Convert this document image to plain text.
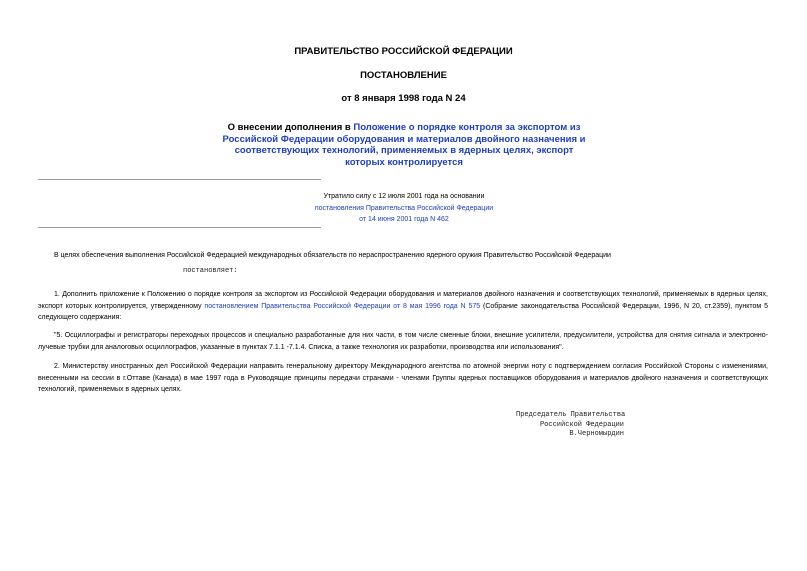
ПРАВИТЕЛЬСТВО РОССИЙСКОЙ ФЕДЕРАЦИИ
ПОСТАНОВЛЕНИЕ
от 8 января 1998 года N 24
О внесении дополнения в Положение о порядке контроля за экспортом из Российской Федерации оборудования и материалов двойного назначения и соответствующих технологий, применяемых в ядерных целях, экспорт которых контролируется
Утратило силу с 12 июля 2001 года на основании
постановления Правительства Российской Федерации
от 14 июня 2001 года N 462
В целях обеспечения выполнения Российской Федерацией международных обязательств по нераспространению ядерного оружия Правительство Российской Федерации
постановляет:
1. Дополнить приложение к Положению о порядке контроля за экспортом из Российской Федерации оборудования и материалов двойного назначения и соответствующих технологий, применяемых в ядерных целях, экспорт которых контролируется, утвержденному постановлением Правительства Российской Федерации от 8 мая 1996 года N 575 (Собрание законодательства Российской Федерации, 1996, N 20, ст.2359), пунктом 5 следующего содержания:
"5. Осциллографы и регистраторы переходных процессов и специально разработанные для них части, в том числе сменные блоки, внешние усилители, предусилители, устройства для снятия сигнала и электронно-лучевые трубки для аналоговых осциллографов, указанные в пунктах 7.1.1 -7.1.4. Списка, а также технология их разработки, производства или использования".
2. Министерству иностранных дел Российской Федерации направить генеральному директору Международного агентства по атомной энергии ноту с подтверждением согласия Российской Стороны с изменениями, внесенными на сессии в г.Оттаве (Канада) в мае 1997 года в Руководящие принципы передачи странами - членами Группы ядерных поставщиков оборудования и материалов двойного назначения и соответствующих технологий, применяемых в ядерных целях.
Председатель Правительства
Российской Федерации
В.Черномырдин
